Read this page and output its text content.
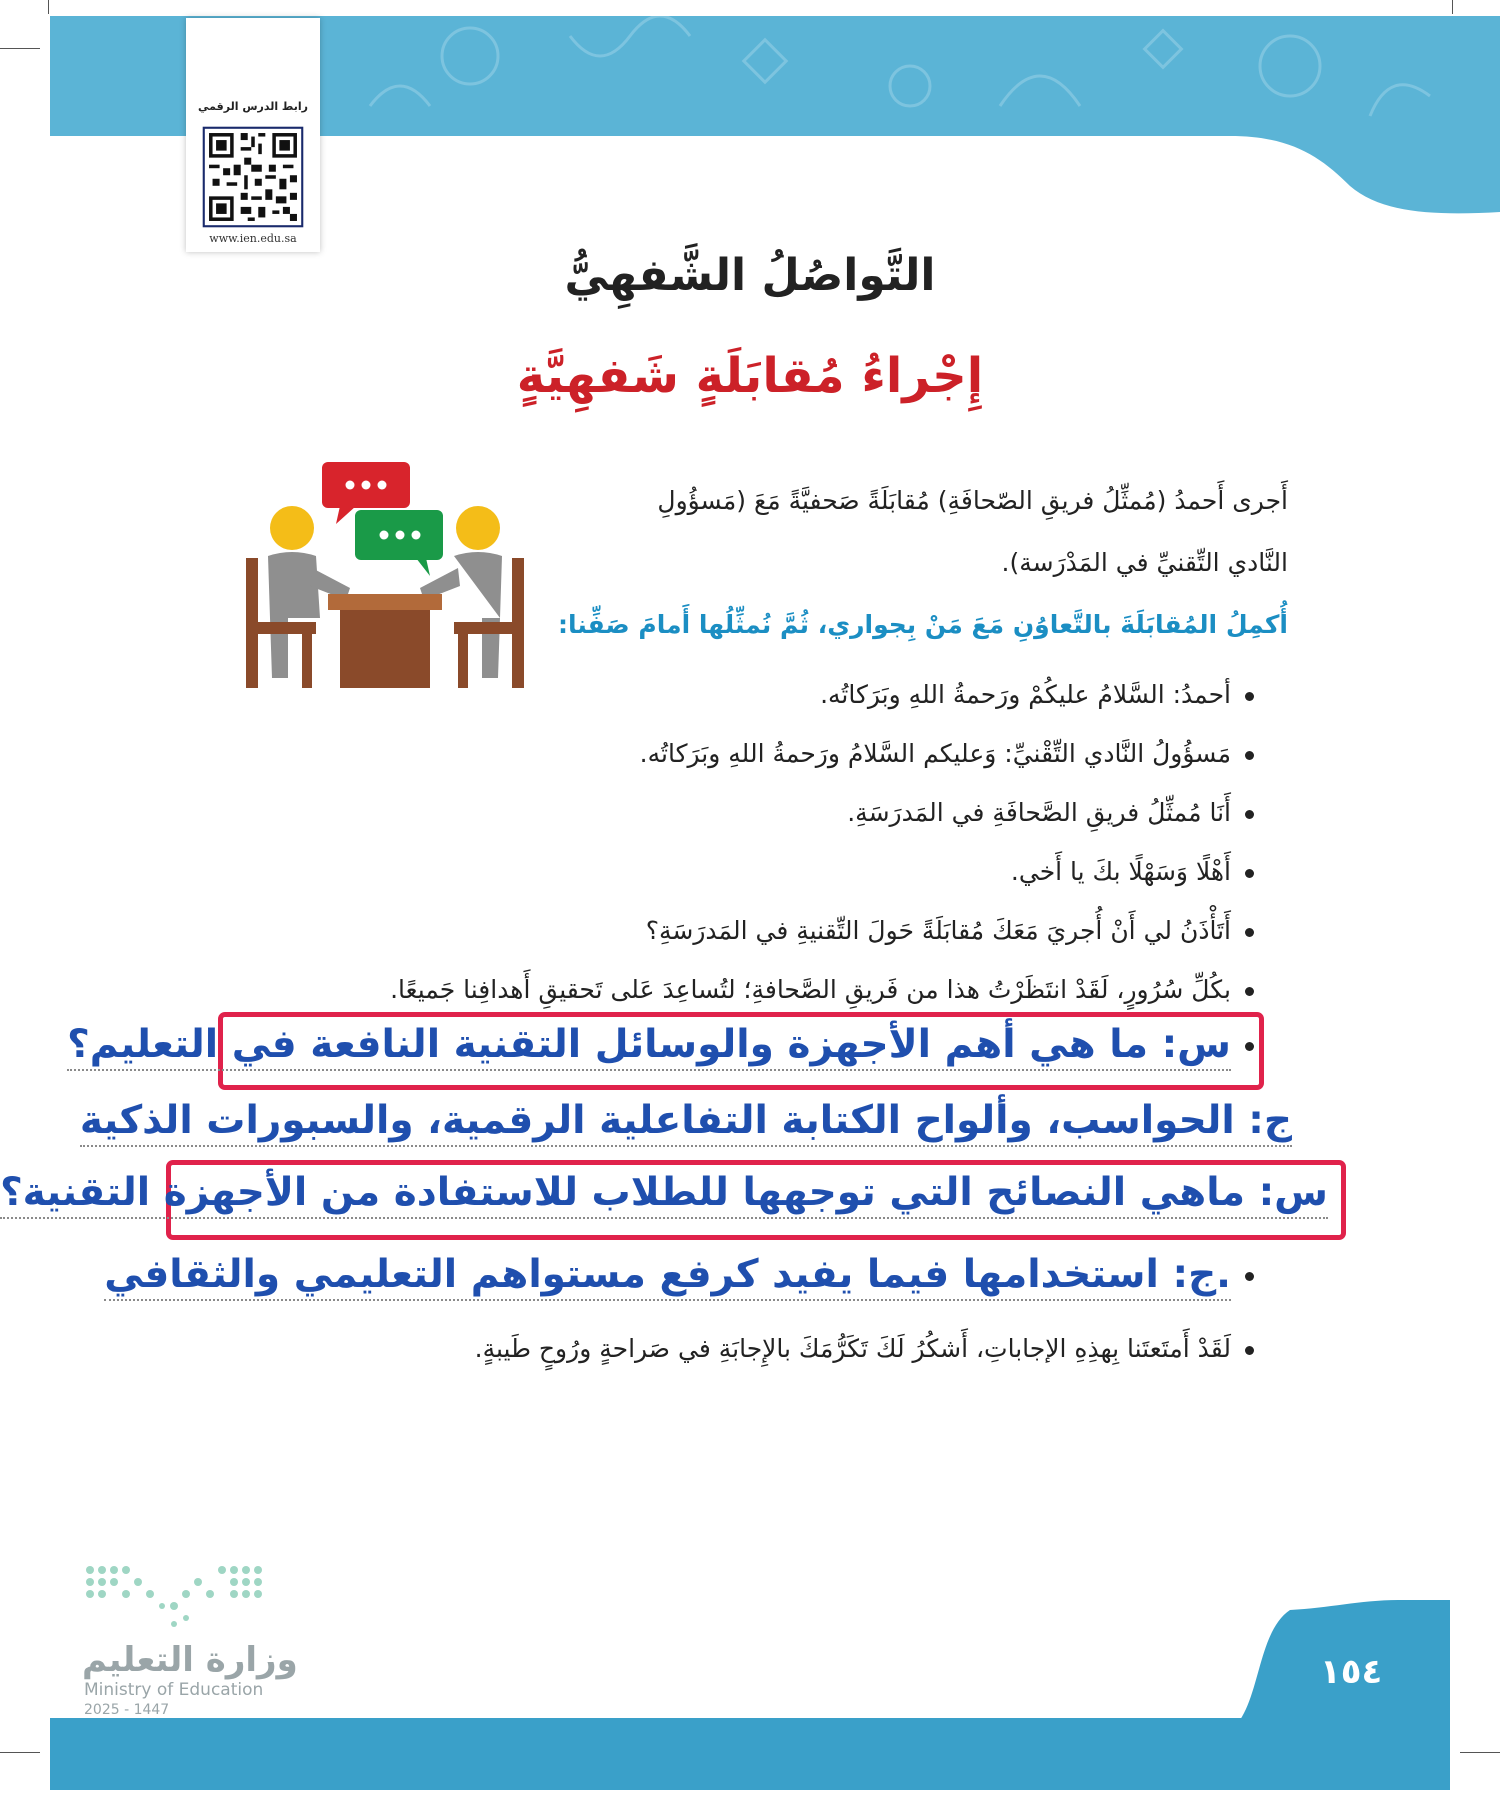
رابط الدرس الرقمي
www.ien.edu.sa
التَّواصُلُ الشَّفهِيُّ
إِجْراءُ مُقابَلَةٍ شَفهِيَّةٍ
أَجرى أَحمدُ (مُمثِّلُ فريقِ الصّحافَةِ) مُقابَلَةً صَحفيَّةً مَعَ (مَسؤُولِ
النَّادي التِّقنيِّ في المَدْرَسة).
أُكمِلُ المُقابَلَةَ بالتَّعاوُنِ مَعَ مَنْ بِجواري، ثُمَّ نُمثِّلُها أَمامَ صَفِّنا:
أحمدُ: السَّلامُ عليكُمْ ورَحمةُ اللهِ وبَرَكاتُه.
مَسؤُولُ النَّادي التِّقْنيِّ: وَعليكم السَّلامُ ورَحمةُ اللهِ وبَرَكاتُه.
أَنَا مُمثِّلُ فريقِ الصَّحافَةِ في المَدرَسَةِ.
أَهْلًا وَسَهْلًا بكَ يا أَخي.
أَتَأْذَنُ لي أَنْ أُجريَ مَعَكَ مُقابَلَةً حَولَ التِّقنيةِ في المَدرَسَةِ؟
بكُلِّ سُرُورٍ، لَقَدْ انتَظَرْتُ هذا من فَريقِ الصَّحافةِ؛ لتُساعِدَ عَلى تَحقيقِ أَهدافِنا جَميعًا.
س: ما هي أهم الأجهزة والوسائل التقنية النافعة في التعليم؟
ج: الحواسب، وألواح الكتابة التفاعلية الرقمية، والسبورات الذكية
س: ماهي النصائح التي توجهها للطلاب للاستفادة من الأجهزة التقنية؟
.ج: استخدامها فيما يفيد كرفع مستواهم التعليمي والثقافي
لَقَدْ أَمتَعتَنا بِهذِهِ الإجاباتِ، أَشكُرُ لَكَ تَكَرُّمَكَ بالإِجابَةِ في صَراحةٍ ورُوحٍ طَيبةٍ.
وزارة التعليم
Ministry of Education
2025 - 1447
١٥٤
